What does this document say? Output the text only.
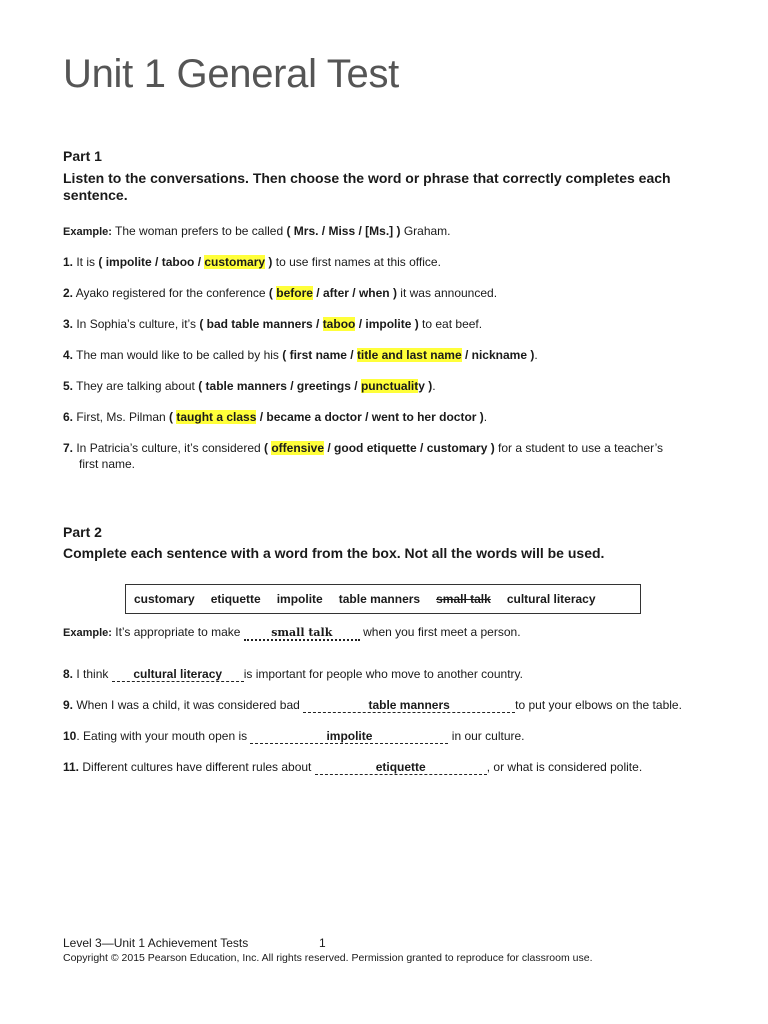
Unit 1 General Test
Part 1
Listen to the conversations. Then choose the word or phrase that correctly completes each sentence.
Example: The woman prefers to be called ( Mrs. / Miss / [Ms.] ) Graham.
1. It is ( impolite / taboo / customary ) to use first names at this office.
2. Ayako registered for the conference ( before / after / when ) it was announced.
3. In Sophia’s culture, it’s ( bad table manners / taboo / impolite ) to eat beef.
4. The man would like to be called by his ( first name / title and last name / nickname ).
5. They are talking about ( table manners / greetings / punctuality ).
6. First, Ms. Pilman ( taught a class / became a doctor / went to her doctor ).
7. In Patricia’s culture, it’s considered ( offensive / good etiquette / customary ) for a student to use a teacher’s
first name.
Part 2
Complete each sentence with a word from the box. Not all the words will be used.
customary etiquette impolite table manners small talk cultural literacy
Example: It’s appropriate to make small talk when you first meet a person.
8. I think cultural literacy is important for people who move to another country.
9. When I was a child, it was considered bad	table manners	to put your elbows on the table.
10. Eating with your mouth open is	impolite	in our culture.
11. Different cultures have different rules about	etiquette	, or what is considered polite.
Level 3—Unit 1 Achievement Tests	1
Copyright © 2015 Pearson Education, Inc. All rights reserved. Permission granted to reproduce for classroom use.
